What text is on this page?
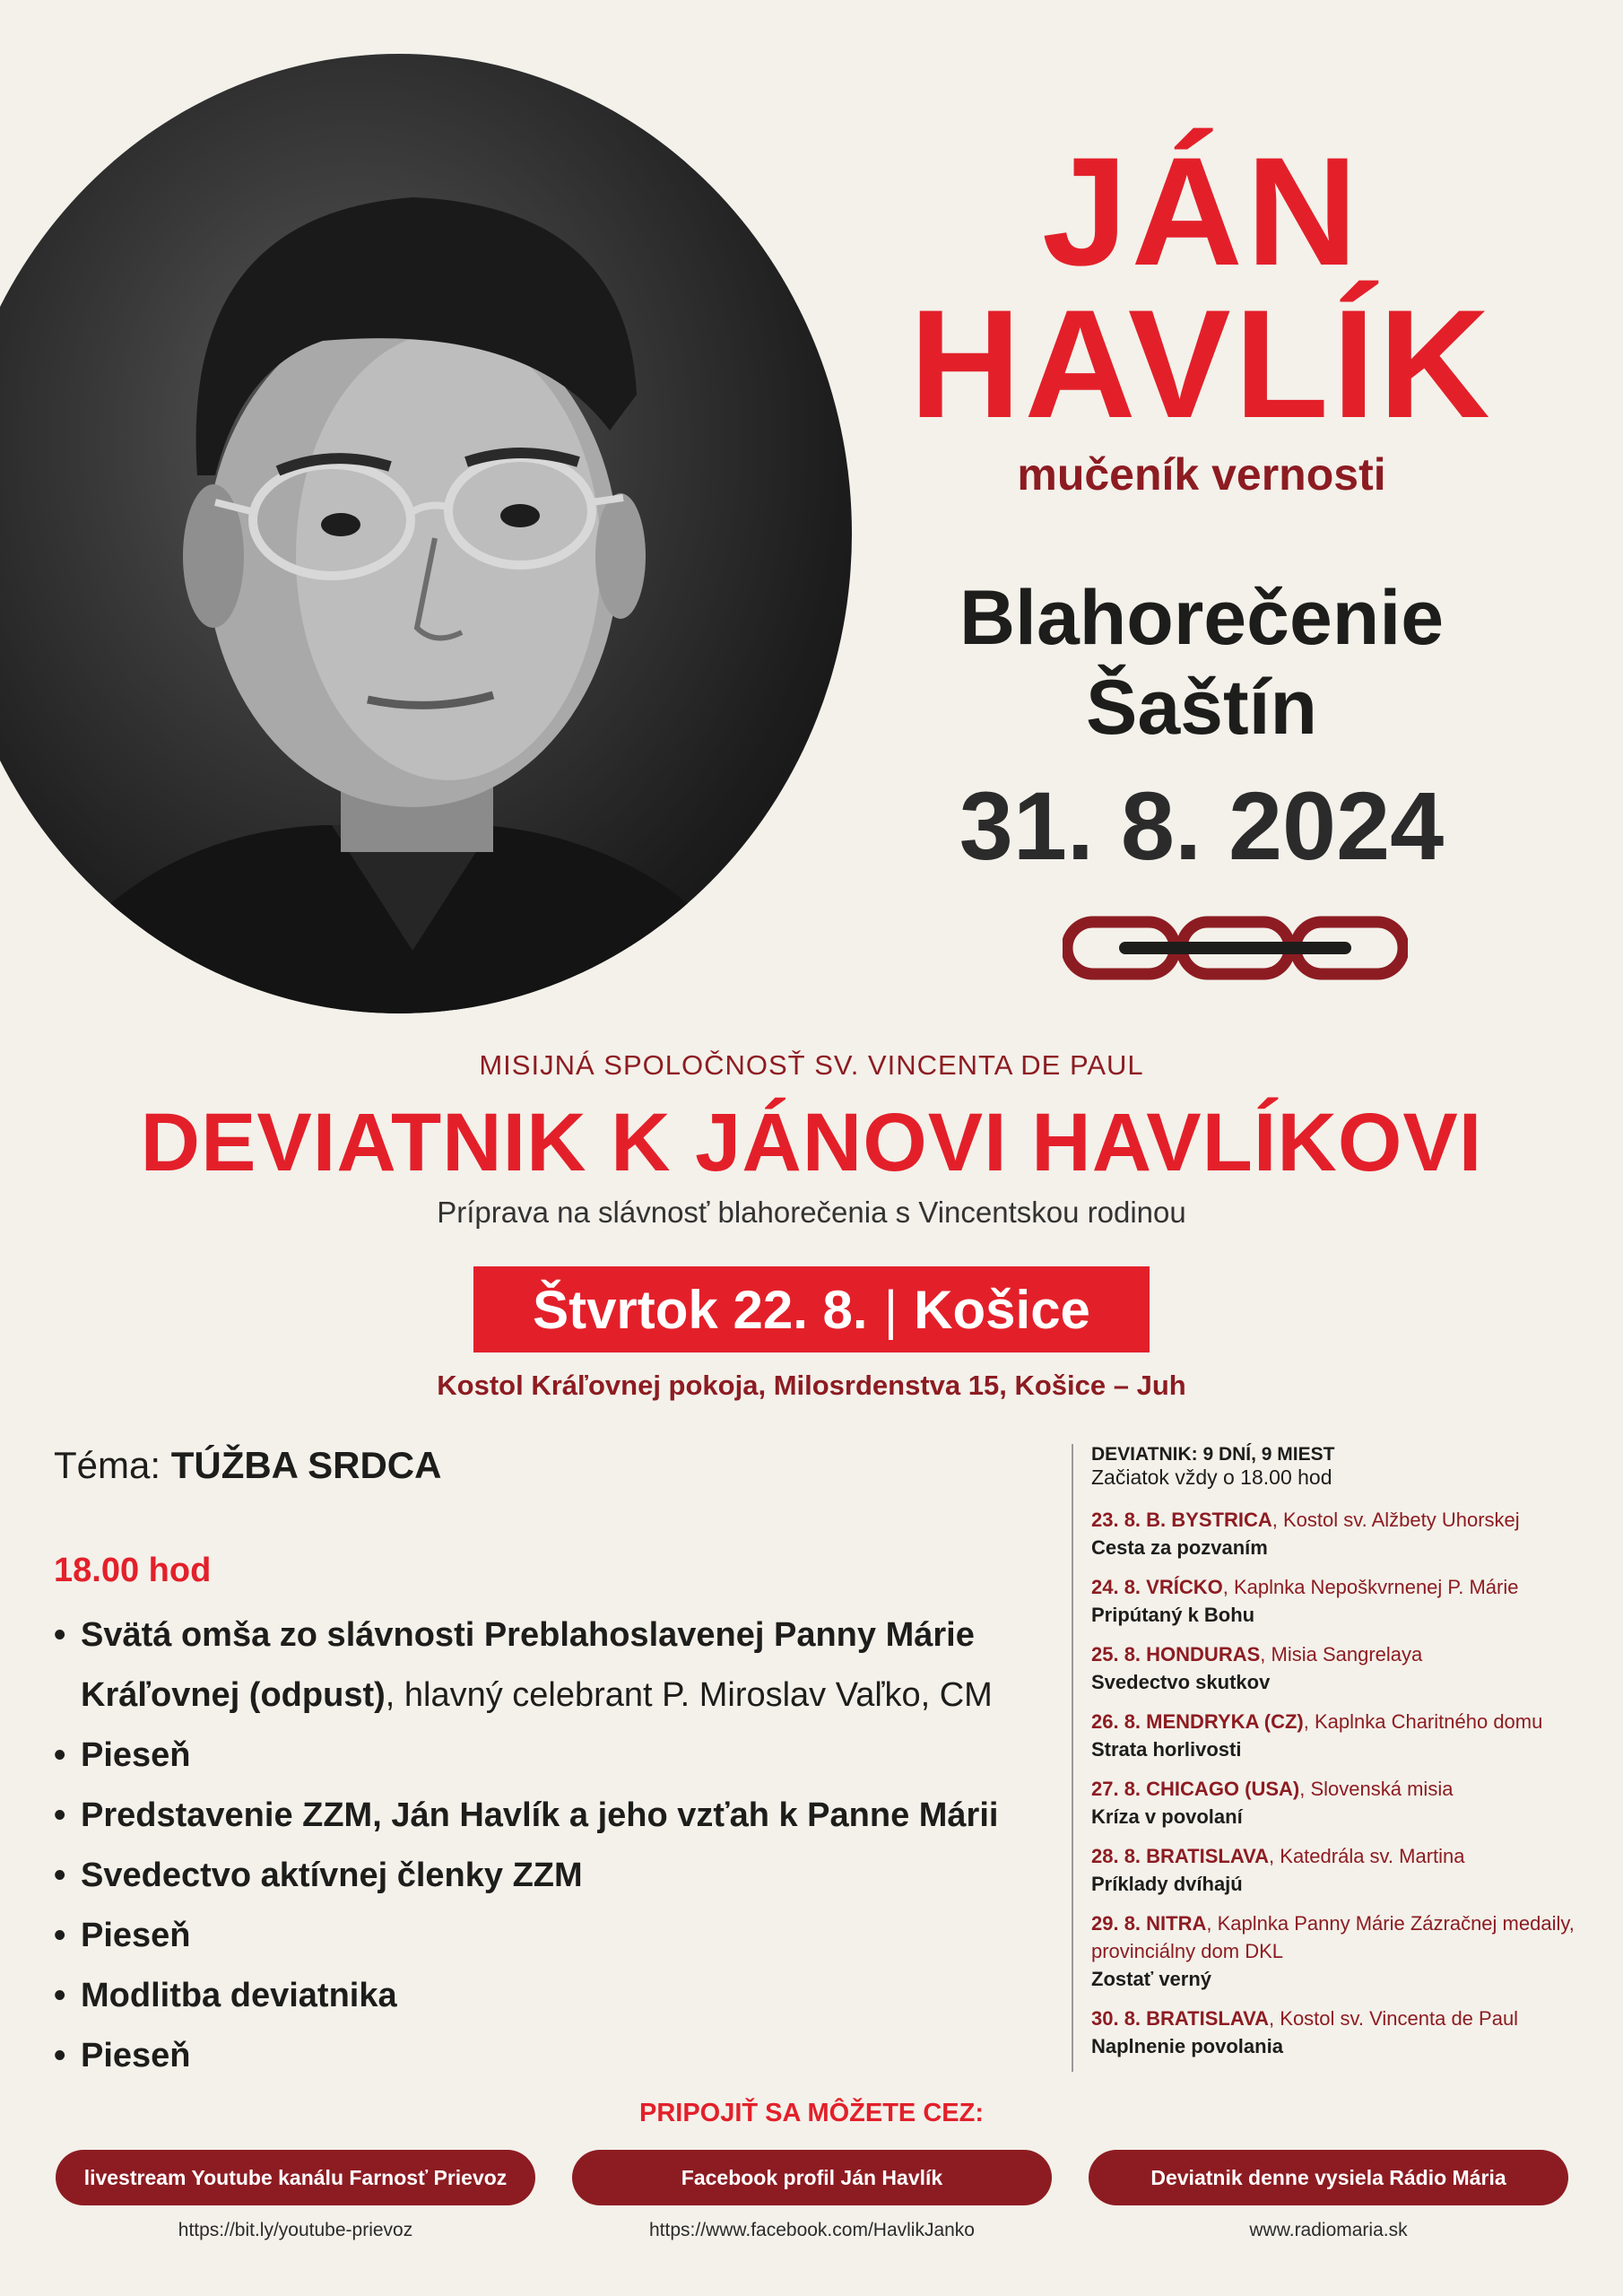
JÁN
HAVLÍK
mučeník vernosti
Blahorečenie
Šaštín
31. 8. 2024
MISIJNÁ SPOLOČNOSŤ SV. VINCENTA DE PAUL
DEVIATNIK K JÁNOVI HAVLÍKOVI
Príprava na slávnosť blahorečenia s Vincentskou rodinou
Štvrtok 22. 8. | Košice
Kostol Kráľovnej pokoja, Milosrdenstva 15, Košice – Juh
Téma: TÚŽBA SRDCA
18.00 hod
• Svätá omša zo slávnosti Preblahoslavenej Panny Márie Kráľovnej (odpust), hlavný celebrant P. Miroslav Vaľko, CM
• Pieseň
• Predstavenie ZZM, Ján Havlík a jeho vzťah k Panne Márii
• Svedectvo aktívnej členky ZZM
• Pieseň
• Modlitba deviatnika
• Pieseň
DEVIATNIK: 9 DNÍ, 9 MIEST
Začiatok vždy o 18.00 hod
23. 8. B. BYSTRICA, Kostol sv. Alžbety Uhorskej
Cesta za pozvaním
24. 8. VRÍCKO, Kaplnka Nepoškvrnenej P. Márie
Pripútaný k Bohu
25. 8. HONDURAS, Misia Sangrelaya
Svedectvo skutkov
26. 8. MENDRYKA (CZ), Kaplnka Charitného domu
Strata horlivosti
27. 8. CHICAGO (USA), Slovenská misia
Kríza v povolaní
28. 8. BRATISLAVA, Katedrála sv. Martina
Príklady dvíhajú
29. 8. NITRA, Kaplnka Panny Márie Zázračnej medaily, provinciálny dom DKL
Zostať verný
30. 8. BRATISLAVA, Kostol sv. Vincenta de Paul
Naplnenie povolania
PRIPOJIŤ SA MÔŽETE CEZ:
livestream Youtube kanálu Farnosť Prievoz
https://bit.ly/youtube-prievoz
Facebook profil Ján Havlík
https://www.facebook.com/HavlikJanko
Deviatnik denne vysiela Rádio Mária
www.radiomaria.sk
